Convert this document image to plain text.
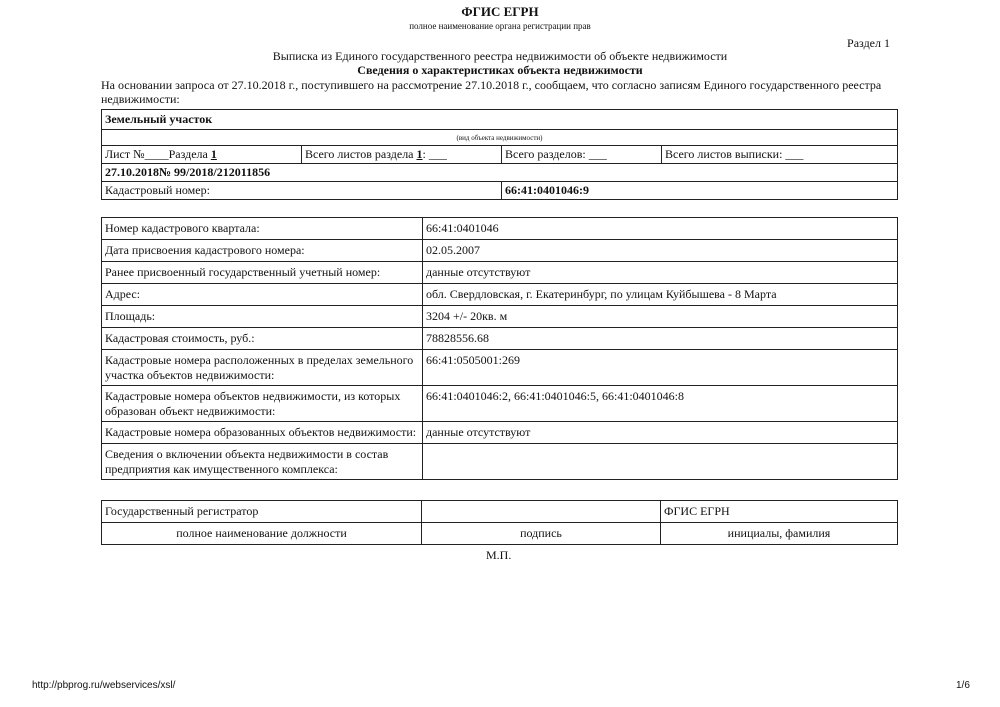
ФГИС ЕГРН
полное наименование органа регистрации прав
Раздел 1
Выписка из Единого государственного реестра недвижимости об объекте недвижимости
Сведения о характеристиках объекта недвижимости
На основании запроса от 27.10.2018 г., поступившего на рассмотрение 27.10.2018 г., сообщаем, что согласно записям Единого государственного реестра недвижимости:
Земельный участок			
(вид объекта недвижимости)			
Лист №____Раздела 1	Всего листов раздела 1: ___	Всего разделов: ___	Всего листов выписки: ___
27.10.2018№ 99/2018/212011856			
Кадастровый номер:		66:41:0401046:9	
Номер кадастрового квартала:	66:41:0401046
Дата присвоения кадастрового номера:	02.05.2007
Ранее присвоенный государственный учетный номер:	данные отсутствуют
Адрес:	обл. Свердловская, г. Екатеринбург, по улицам Куйбышева - 8 Марта
Площадь:	3204 +/- 20кв. м
Кадастровая стоимость, руб.:	78828556.68
Кадастровые номера расположенных в пределах земельного участка объектов недвижимости:	66:41:0505001:269
Кадастровые номера объектов недвижимости, из которых образован объект недвижимости:	66:41:0401046:2, 66:41:0401046:5, 66:41:0401046:8
Кадастровые номера образованных объектов недвижимости:	данные отсутствуют
Сведения о включении объекта недвижимости в состав предприятия как имущественного комплекса:	
Государственный регистратор		ФГИС ЕГРН
полное наименование должности	подпись	инициалы, фамилия
М.П.
http://pbprog.ru/webservices/xsl/	1/6
